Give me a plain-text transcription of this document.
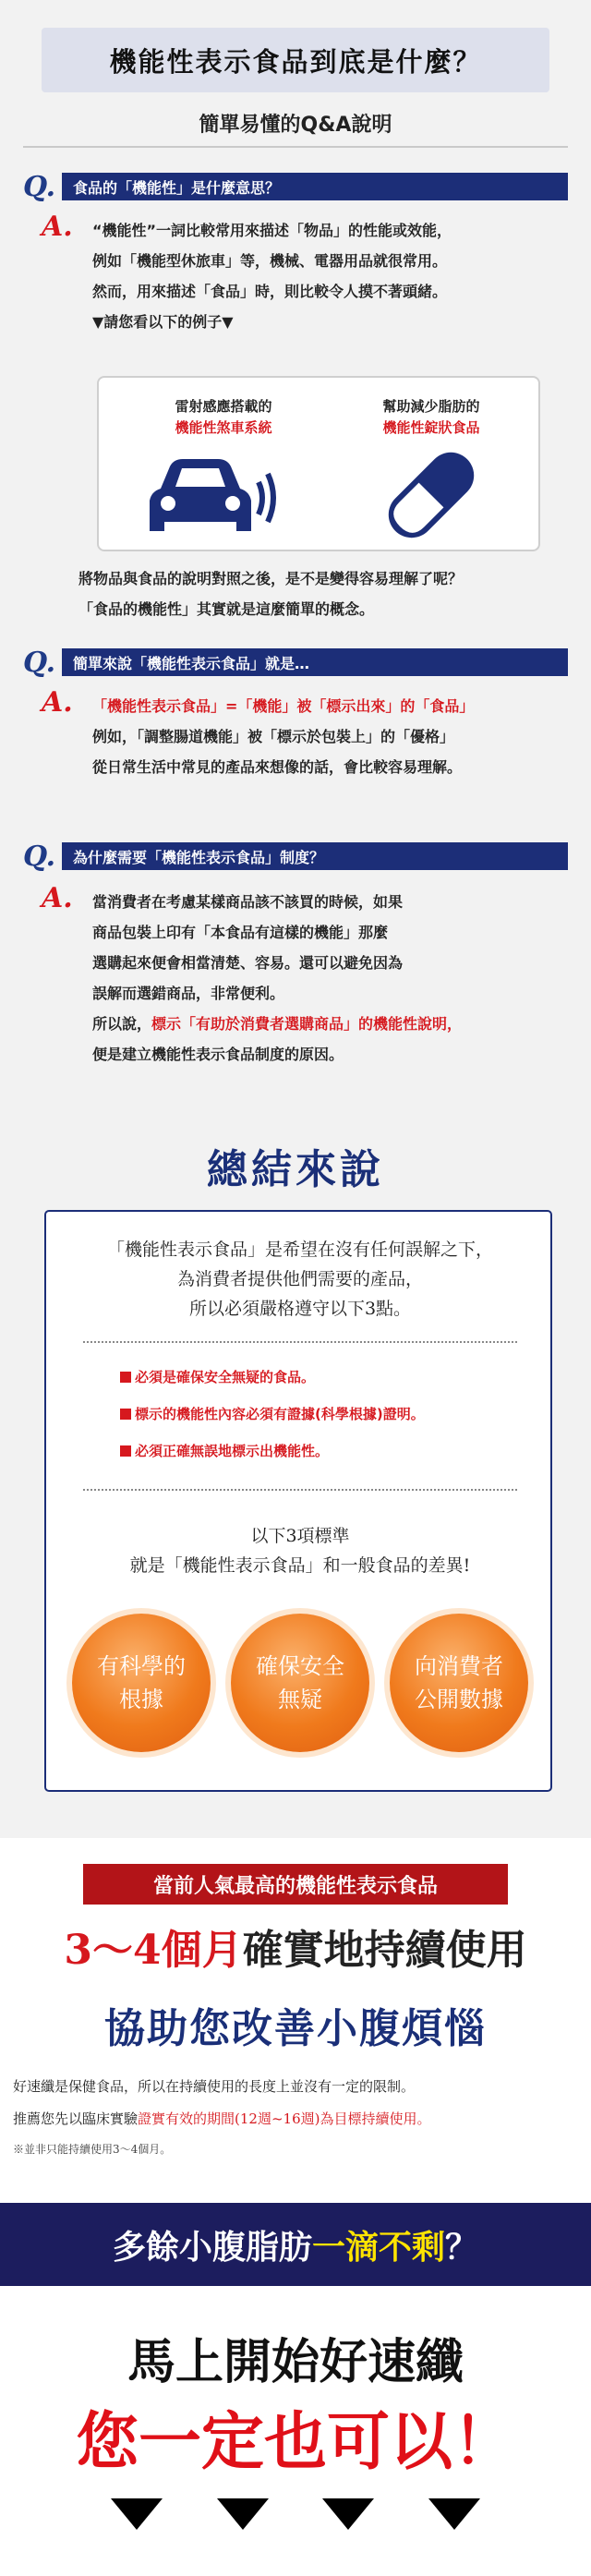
機能性表示食品到底是什麼？
簡單易懂的Q&A說明
Q.	食品的「機能性」是什麼意思？
A. “機能性”一詞比較常用來描述「物品」的性能或效能，
例如「機能型休旅車」等，機械、電器用品就很常用。
然而，用來描述「食品」時，則比較令人摸不著頭緒。
▼請您看以下的例子▼
雷射感應搭載的
機能性煞車系統
幫助減少脂肪的
機能性錠狀食品
將物品與食品的說明對照之後，是不是變得容易理解了呢？
「食品的機能性」其實就是這麼簡單的概念。
Q.	簡單來說「機能性表示食品」就是…
A. 「機能性表示食品」=「機能」被「標示出來」的「食品」
例如，「調整腸道機能」被「標示於包裝上」的「優格」
從日常生活中常見的產品來想像的話，會比較容易理解。
Q.	為什麼需要「機能性表示食品」制度？
A. 當消費者在考慮某樣商品該不該買的時候，如果
商品包裝上印有「本食品有這樣的機能」那麼
選購起來便會相當清楚、容易。還可以避免因為
誤解而選錯商品，非常便利。
所以說，標示「有助於消費者選購商品」的機能性說明，
便是建立機能性表示食品制度的原因。
總結來說
「機能性表示食品」是希望在沒有任何誤解之下，
為消費者提供他們需要的產品，
所以必須嚴格遵守以下3點。
必須是確保安全無疑的食品。
標示的機能性內容必須有證據(科學根據)證明。
必須正確無誤地標示出機能性。
以下3項標準
就是「機能性表示食品」和一般食品的差異!
有科學的
根據
確保安全
無疑
向消費者
公開數據
當前人氣最高的機能性表示食品
3～4個月確實地持續使用
協助您改善小腹煩惱
好速纖是保健食品，所以在持續使用的長度上並沒有一定的限制。
推薦您先以臨床實驗證實有效的期間(12週~16週)為目標持續使用。
※並非只能持續使用3～4個月。
多餘小腹脂肪 一滴不剩 ？
馬上開始好速纖
您一定也可以！
